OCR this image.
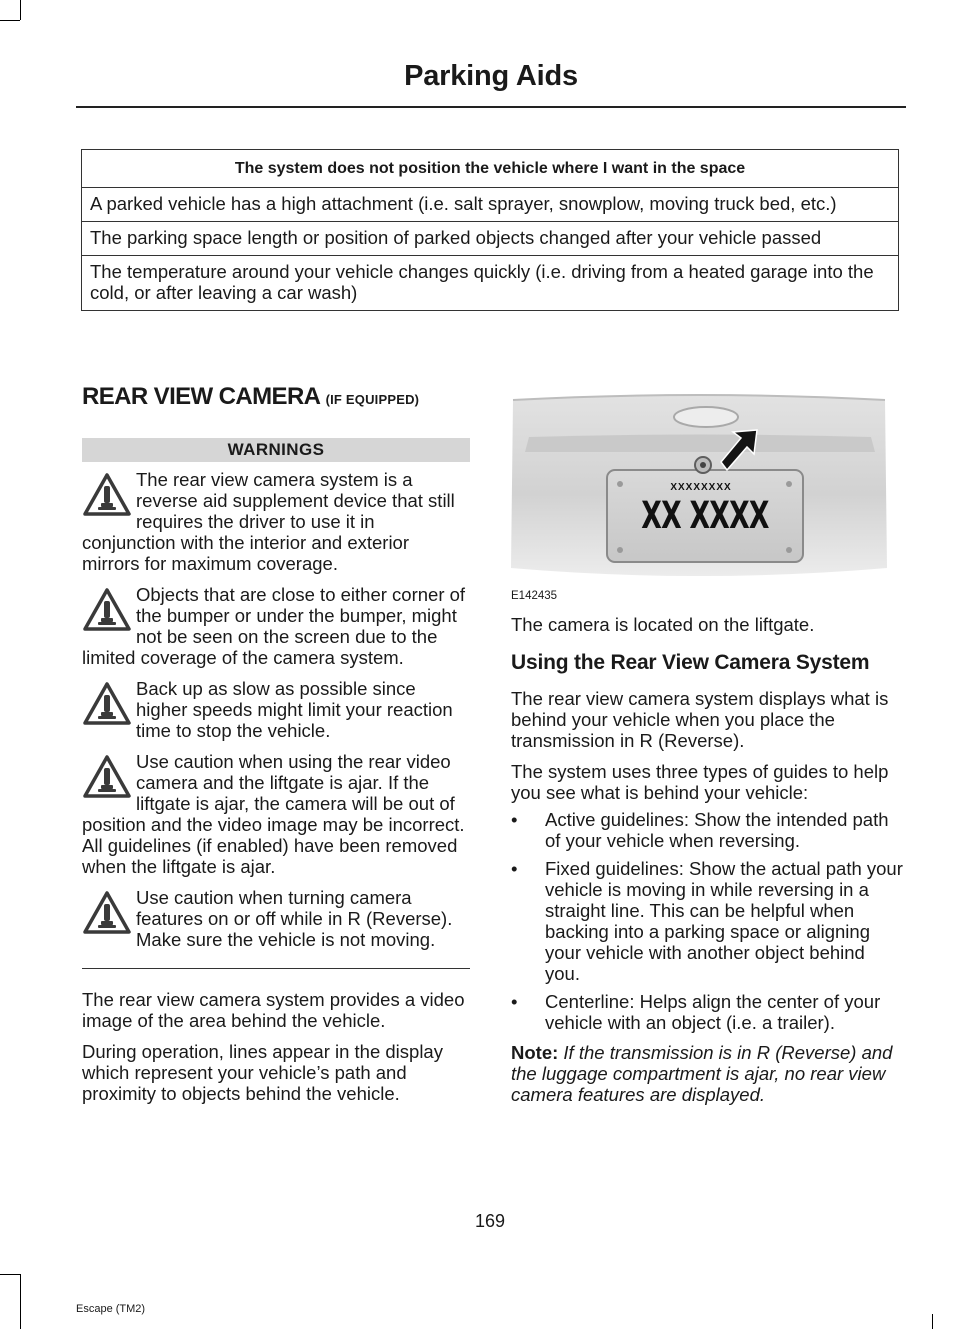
Parking Aids
The system does not position the vehicle where I want in the space
A parked vehicle has a high attachment (i.e. salt sprayer, snowplow, moving truck bed, etc.)
The parking space length or position of parked objects changed after your vehicle passed
The temperature around your vehicle changes quickly (i.e. driving from a heated garage into the cold, or after leaving a car wash)
REAR VIEW CAMERA (IF EQUIPPED)
WARNINGS
The rear view camera system is a reverse aid supplement device that still requires the driver to use it in conjunction with the interior and exterior mirrors for maximum coverage.
Objects that are close to either corner of the bumper or under the bumper, might not be seen on the screen due to the limited coverage of the camera system.
Back up as slow as possible since higher speeds might limit your reaction time to stop the vehicle.
Use caution when using the rear video camera and the liftgate is ajar. If the liftgate is ajar, the camera will be out of position and the video image may be incorrect. All guidelines (if enabled) have been removed when the liftgate is ajar.
Use caution when turning camera features on or off while in R (Reverse). Make sure the vehicle is not moving.

The rear view camera system provides a video image of the area behind the vehicle.

During operation, lines appear in the display which represent your vehicle’s path and proximity to objects behind the vehicle.

XXXXXXXX
XX XXXX
E142435

The camera is located on the liftgate.

Using the Rear View Camera System

The rear view camera system displays what is behind your vehicle when you place the transmission in R (Reverse).

The system uses three types of guides to help you see what is behind your vehicle:

• Active guidelines: Show the intended path of your vehicle when reversing.
• Fixed guidelines: Show the actual path your vehicle is moving in while reversing in a straight line. This can be helpful when backing into a parking space or aligning your vehicle with another object behind you.
• Centerline: Helps align the center of your vehicle with an object (i.e. a trailer).

Note: If the transmission is in R (Reverse) and the luggage compartment is ajar, no rear view camera features are displayed.

169
Escape (TM2)
